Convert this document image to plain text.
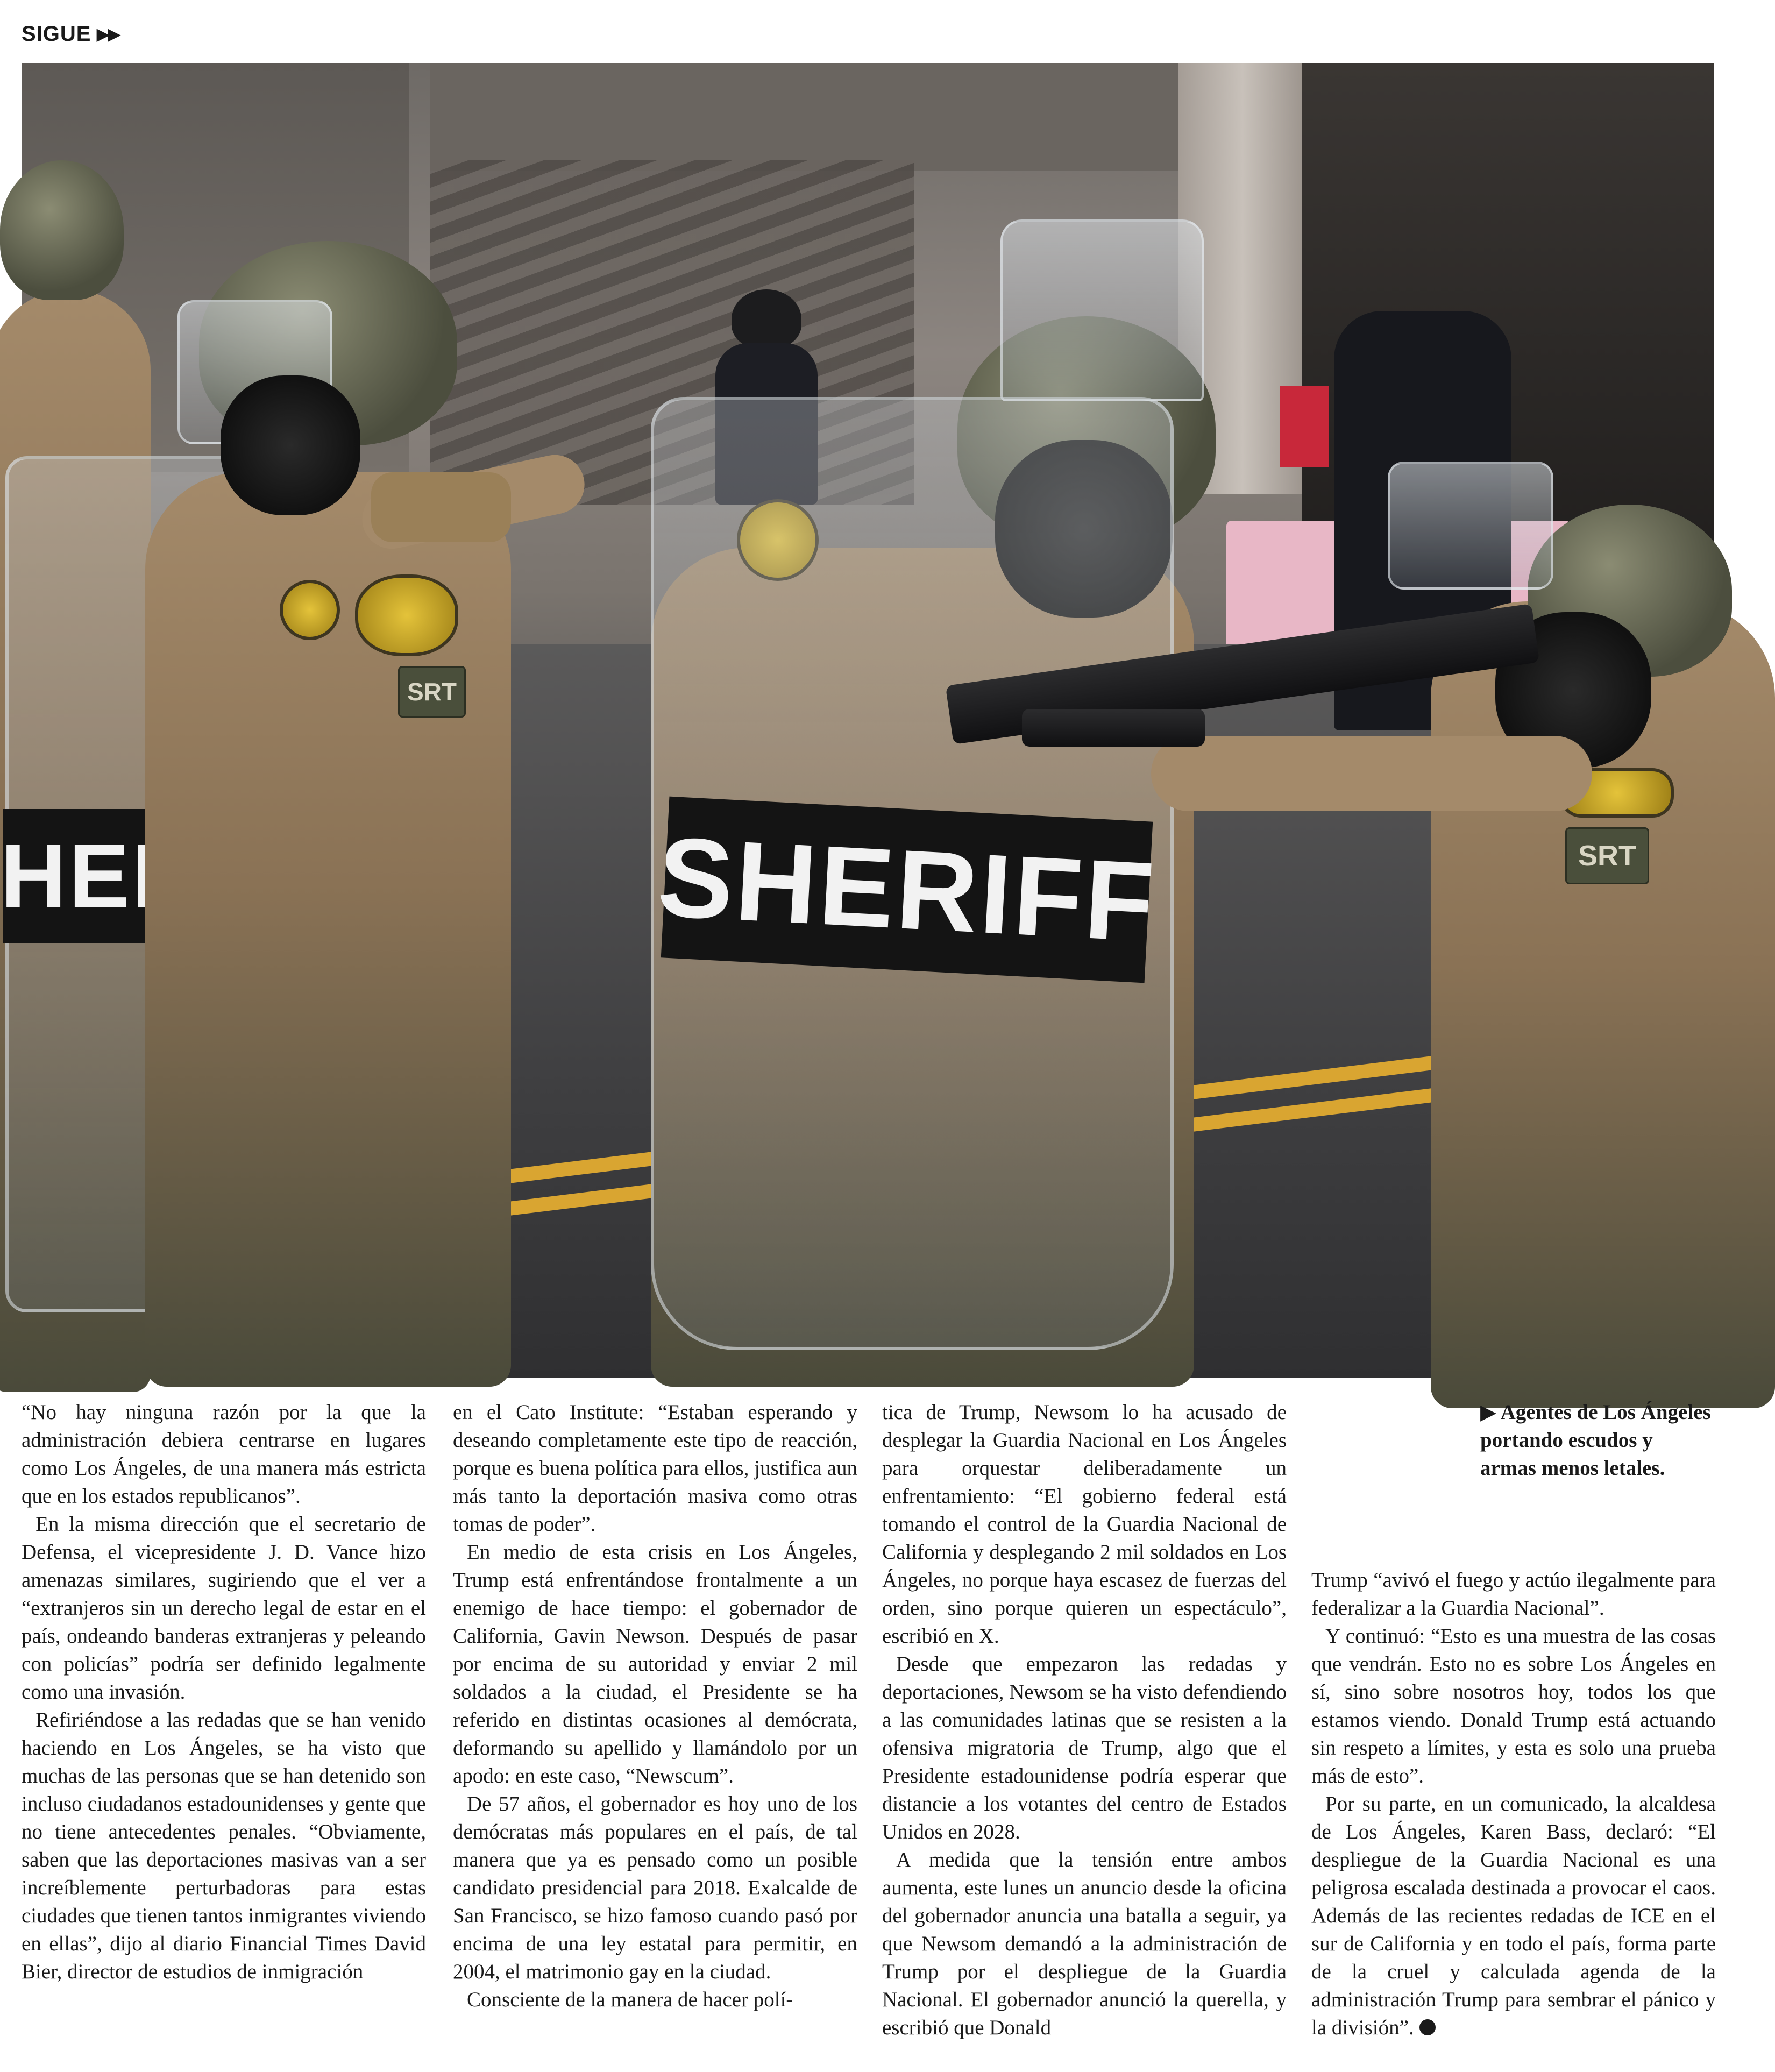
SIGUE ▶▶
SRT
SHERIFF	SRT

“No hay ninguna razón por la que la administración debiera centrarse en lugares como Los Ángeles, de una manera más estricta que en los estados republicanos”.

En la misma dirección que el secretario de Defensa, el vicepresidente J. D. Vance hizo amenazas similares, sugiriendo que el ver a “extranjeros sin un derecho legal de estar en el país, ondeando banderas extranjeras y peleando con policías” podría ser definido legalmente como una invasión.

Refiriéndose a las redadas que se han venido haciendo en Los Ángeles, se ha visto que muchas de las personas que se han detenido son incluso ciudadanos estadounidenses y gente que no tiene antecedentes penales. “Obviamente, saben que las deportaciones masivas van a ser increíblemente perturbadoras para estas ciudades que tienen tantos inmigrantes viviendo en ellas”, dijo al diario Financial Times David Bier, director de estudios de inmigración

en el Cato Institute: “Estaban esperando y deseando completamente este tipo de reacción, porque es buena política para ellos, justifica aun más tanto la deportación masiva como otras tomas de poder”.

En medio de esta crisis en Los Ángeles, Trump está enfrentándose frontalmente a un enemigo de hace tiempo: el gobernador de California, Gavin Newson. Después de pasar por encima de su autoridad y enviar 2 mil soldados a la ciudad, el Presidente se ha referido en distintas ocasiones al demócrata, deformando su apellido y llamándolo por un apodo: en este caso, “Newscum”.

De 57 años, el gobernador es hoy uno de los demócratas más populares en el país, de tal manera que ya es pensado como un posible candidato presidencial para 2018. Exalcalde de San Francisco, se hizo famoso cuando pasó por encima de una ley estatal para permitir, en 2004, el matrimonio gay en la ciudad.

Consciente de la manera de hacer polí-

tica de Trump, Newsom lo ha acusado de desplegar la Guardia Nacional en Los Ángeles para orquestar deliberadamente un enfrentamiento: “El gobierno federal está tomando el control de la Guardia Nacional de California y desplegando 2 mil soldados en Los Ángeles, no porque haya escasez de fuerzas del orden, sino porque quieren un espectáculo”, escribió en X.

Desde que empezaron las redadas y deportaciones, Newsom se ha visto defendiendo a las comunidades latinas que se resisten a la ofensiva migratoria de Trump, algo que el Presidente estadounidense podría esperar que distancie a los votantes del centro de Estados Unidos en 2028.

A medida que la tensión entre ambos aumenta, este lunes un anuncio desde la oficina del gobernador anuncia una batalla a seguir, ya que Newsom demandó a la administración de Trump por el despliegue de la Guardia Nacional. El gobernador anunció la querella, y escribió que Donald

▶ Agentes de Los Ángeles portando escudos y armas menos letales.

Trump “avivó el fuego y actúo ilegalmente para federalizar a la Guardia Nacional”.

Y continuó: “Esto es una muestra de las cosas que vendrán. Esto no es sobre Los Ángeles en sí, sino sobre nosotros hoy, todos los que estamos viendo. Donald Trump está actuando sin respeto a límites, y esta es solo una prueba más de esto”.

Por su parte, en un comunicado, la alcaldesa de Los Ángeles, Karen Bass, declaró: “El despliegue de la Guardia Nacional es una peligrosa escalada destinada a provocar el caos. Además de las recientes redadas de ICE en el sur de California y en todo el país, forma parte de la cruel y calculada agenda de la administración Trump para sembrar el pánico y la división”.
